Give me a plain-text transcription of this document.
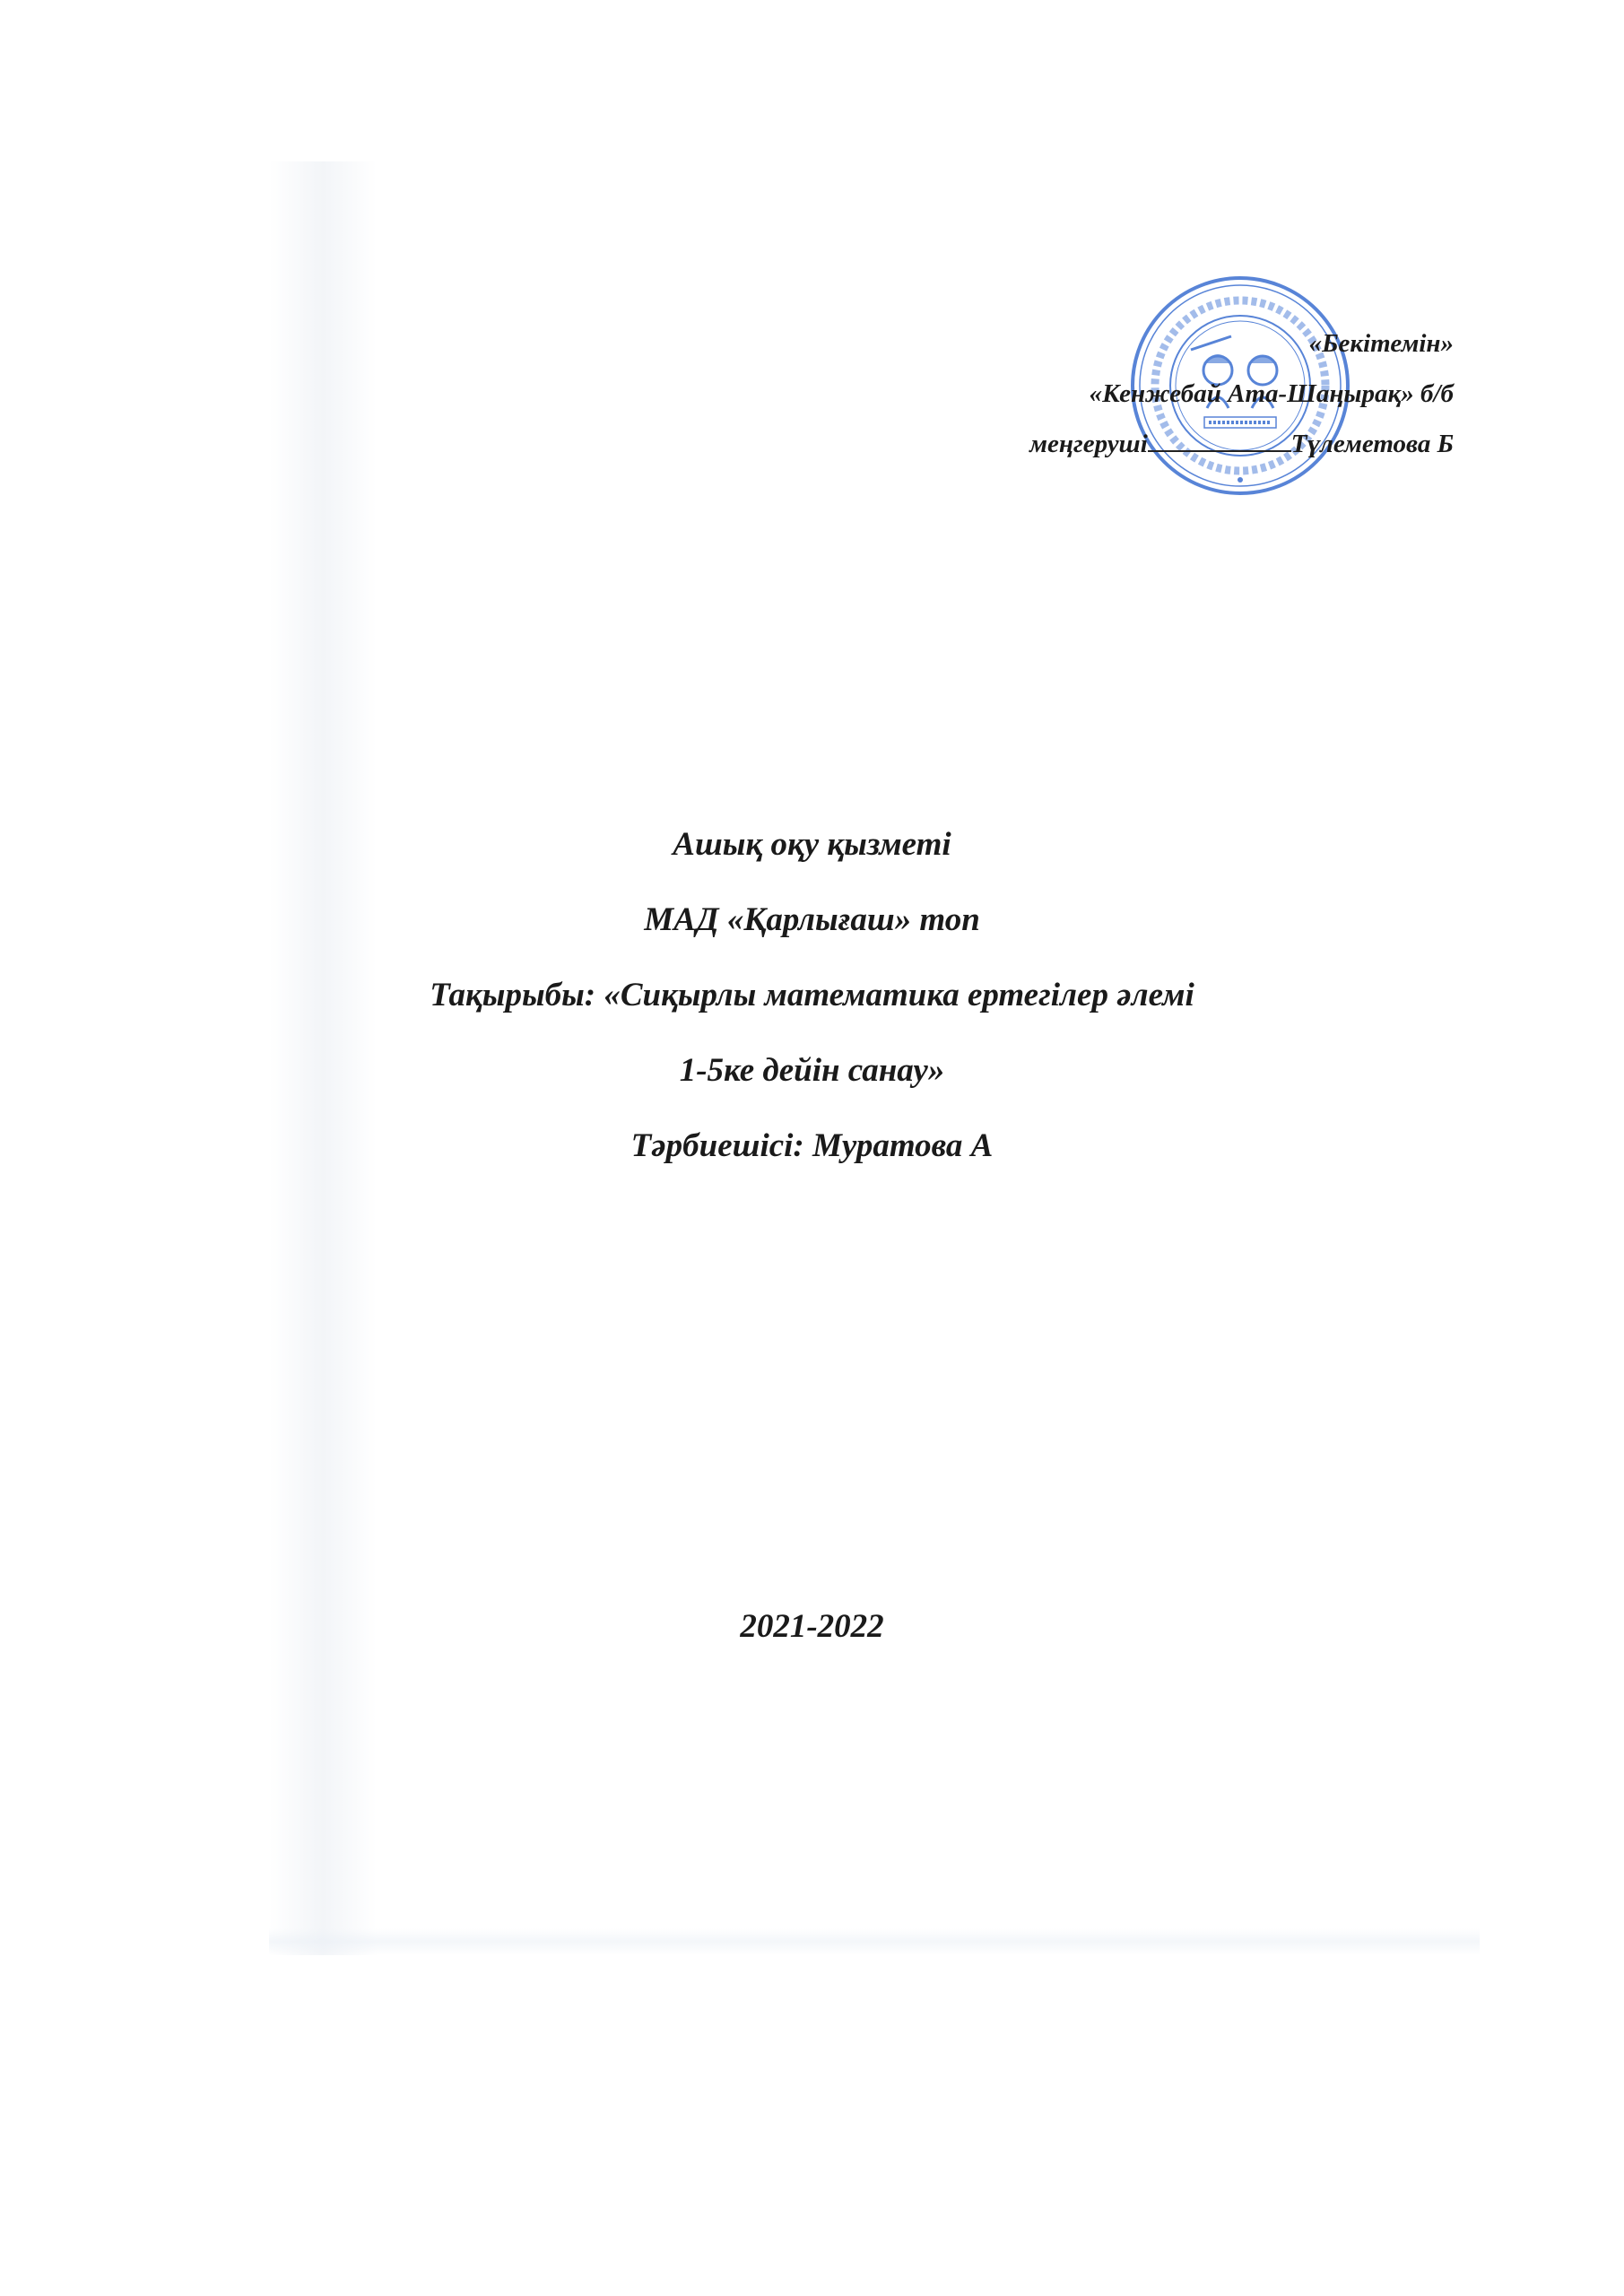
«Бекітемін»
«Кенжебай Ата-Шаңырақ» б/б
меңгеруші	Түлеметова Б
Ашық оқу қызметі
МАД «Қарлығаш» топ
Тақырыбы: «Сиқырлы математика ертегілер әлемі
1-5ке дейін санау»
Тәрбиешісі: Муратова А
2021-2022
